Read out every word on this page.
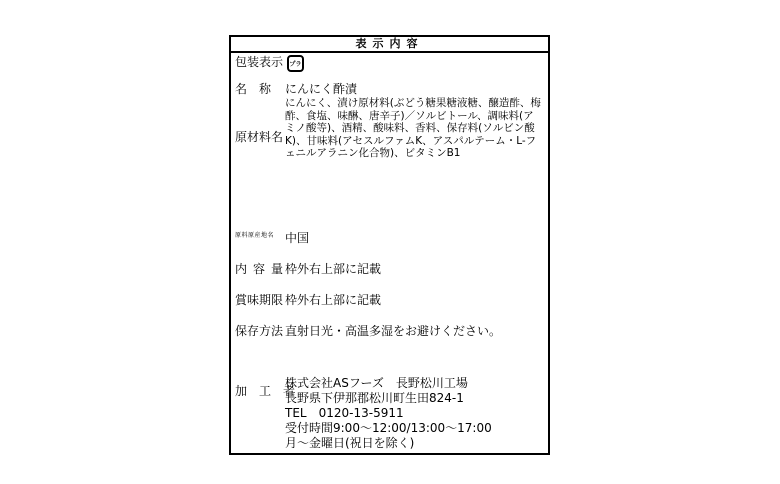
表示内容
包装表示 プラ
名称 にんにく酢漬
原材料名
にんにく、漬け原材料(ぶどう糖果糖液糖、醸造酢、梅酢、食塩、味醂、唐辛子)／ソルビトール、調味料(アミノ酸等)、酒精、酸味料、香料、保存料(ソルビン酸K)、甘味料(アセスルファムK、アスパルテーム・L-フェニルアラニン化合物)、ビタミンB1
原料原産地名 中国
内容量
枠外右上部に記載
賞味期限 枠外右上部に記載
保存方法 直射日光・高温多湿をお避けください。
加工者
株式会社ASフーズ　長野松川工場
長野県下伊那郡松川町生田824-1
TEL　0120-13-5911
受付時間9:00～12:00/13:00～17:00
月～金曜日(祝日を除く)
